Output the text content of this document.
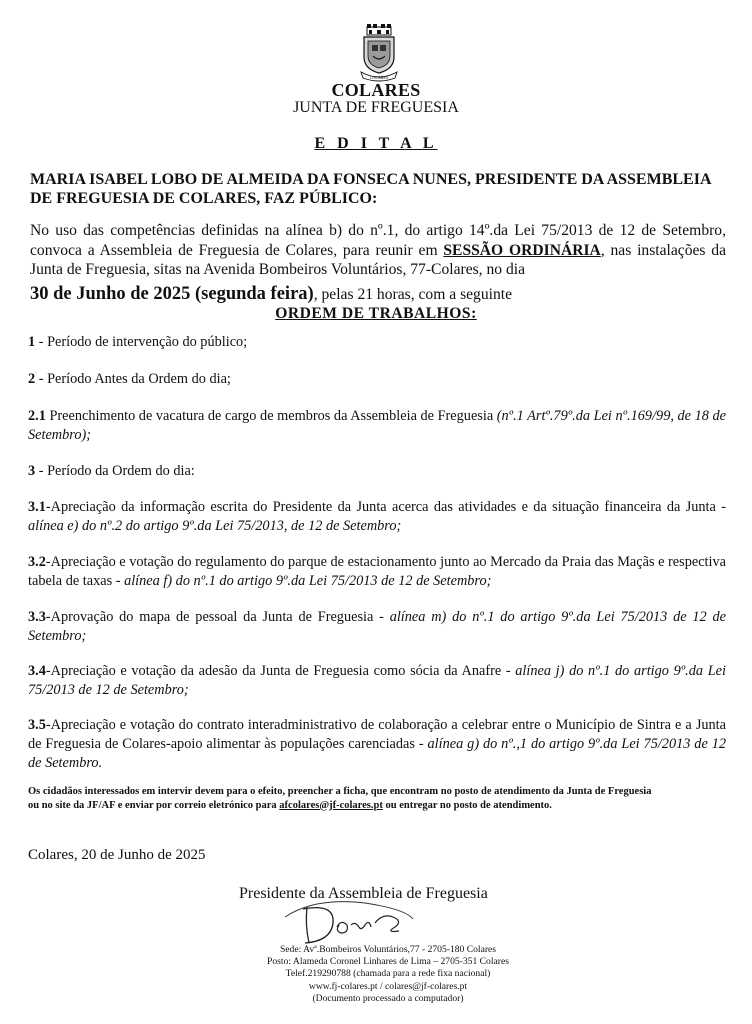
COLARES
COLARES
JUNTA DE FREGUESIA
E D I T A L
MARIA ISABEL LOBO DE ALMEIDA DA FONSECA NUNES, PRESIDENTE DA ASSEMBLEIA DE FREGUESIA DE COLARES, FAZ PÚBLICO:
No uso das competências definidas na alínea b) do nº.1, do artigo 14º.da Lei 75/2013 de 12 de Setembro, convoca a Assembleia de Freguesia de Colares, para reunir em SESSÃO ORDINÁRIA, nas instalações da Junta de Freguesia, sitas na Avenida Bombeiros Voluntários, 77-Colares, no dia
30 de Junho de 2025 (segunda feira), pelas 21 horas, com a seguinte
ORDEM DE TRABALHOS:
1 - Período de intervenção do público;
2 - Período Antes da Ordem do dia;
2.1 Preenchimento de vacatura de cargo de membros da Assembleia de Freguesia (nº.1 Artº.79º.da Lei nº.169/99, de 18 de Setembro);
3 - Período da Ordem do dia:
3.1-Apreciação da informação escrita do Presidente da Junta acerca das atividades e da situação financeira da Junta - alínea e) do nº.2 do artigo 9º.da Lei 75/2013, de 12 de Setembro;
3.2-Apreciação e votação do regulamento do parque de estacionamento junto ao Mercado da Praia das Maçãs e respectiva tabela de taxas - alínea f) do nº.1 do artigo 9º.da Lei 75/2013 de 12 de Setembro;
3.3-Aprovação do mapa de pessoal da Junta de Freguesia - alínea m) do nº.1 do artigo 9º.da Lei 75/2013 de 12 de Setembro;
3.4-Apreciação e votação da adesão da Junta de Freguesia como sócia da Anafre - alínea j) do nº.1 do artigo 9º.da Lei 75/2013 de 12 de Setembro;
3.5-Apreciação e votação do contrato interadministrativo de colaboração a celebrar entre o Município de Sintra e a Junta de Freguesia de Colares-apoio alimentar às populações carenciadas - alínea g) do nº.,1 do artigo 9º.da Lei 75/2013 de 12 de Setembro.
Os cidadãos interessados em intervir devem para o efeito, preencher a ficha, que encontram no posto de atendimento da Junta de Freguesia
ou no site da JF/AF e enviar por correio eletrónico para afcolares@jf-colares.pt ou entregar no posto de atendimento.
Colares, 20 de Junho de 2025
Presidente da Assembleia de Freguesia
Sede: Avª.Bombeiros Voluntários,77 - 2705-180 Colares
Posto: Alameda Coronel Linhares de Lima – 2705-351 Colares
Telef.219290788 (chamada para a rede fixa nacional)
www.fj-colares.pt / colares@jf-colares.pt
(Documento processado a computador)
